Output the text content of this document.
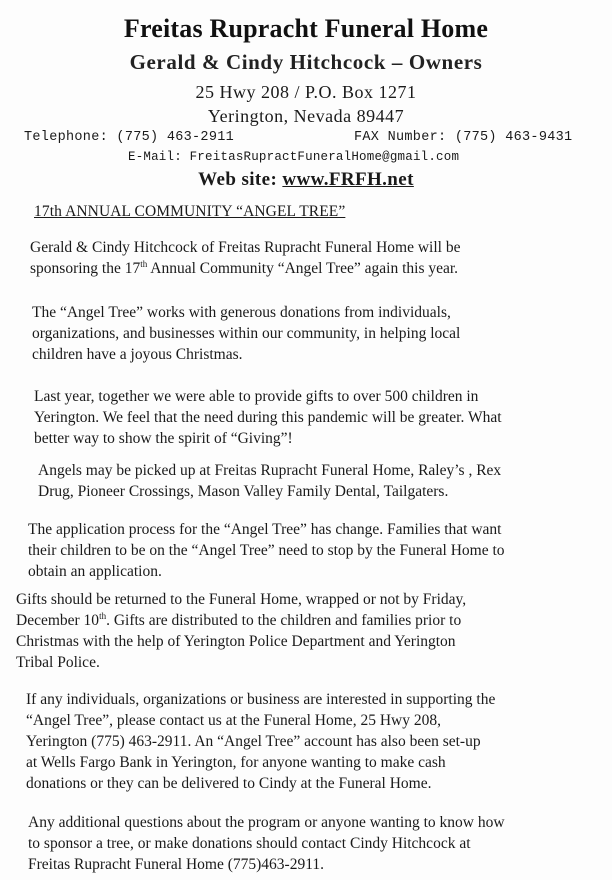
Freitas Rupracht Funeral Home
Gerald & Cindy Hitchcock – Owners
25 Hwy 208 / P.O. Box 1271
Yerington, Nevada 89447
Telephone: (775) 463-2911	FAX Number: (775) 463-9431
E-Mail: FreitasRupractFuneralHome@gmail.com
Web site: www.FRFH.net
17th ANNUAL COMMUNITY “ANGEL TREE”
Gerald & Cindy Hitchcock of Freitas Rupracht Funeral Home will be
sponsoring the 17th Annual Community “Angel Tree” again this year.
The “Angel Tree” works with generous donations from individuals,
organizations, and businesses within our community, in helping local
children have a joyous Christmas.
Last year, together we were able to provide gifts to over 500 children in
Yerington. We feel that the need during this pandemic will be greater. What
better way to show the spirit of “Giving”!
Angels may be picked up at Freitas Rupracht Funeral Home, Raley’s , Rex
Drug, Pioneer Crossings, Mason Valley Family Dental, Tailgaters.
The application process for the “Angel Tree” has change. Families that want
their children to be on the “Angel Tree” need to stop by the Funeral Home to
obtain an application.
Gifts should be returned to the Funeral Home, wrapped or not by Friday,
December 10th. Gifts are distributed to the children and families prior to
Christmas with the help of Yerington Police Department and Yerington
Tribal Police.
If any individuals, organizations or business are interested in supporting the
“Angel Tree”, please contact us at the Funeral Home, 25 Hwy 208,
Yerington (775) 463-2911. An “Angel Tree” account has also been set-up
at Wells Fargo Bank in Yerington, for anyone wanting to make cash
donations or they can be delivered to Cindy at the Funeral Home.
Any additional questions about the program or anyone wanting to know how
to sponsor a tree, or make donations should contact Cindy Hitchcock at
Freitas Rupracht Funeral Home (775)463-2911.
